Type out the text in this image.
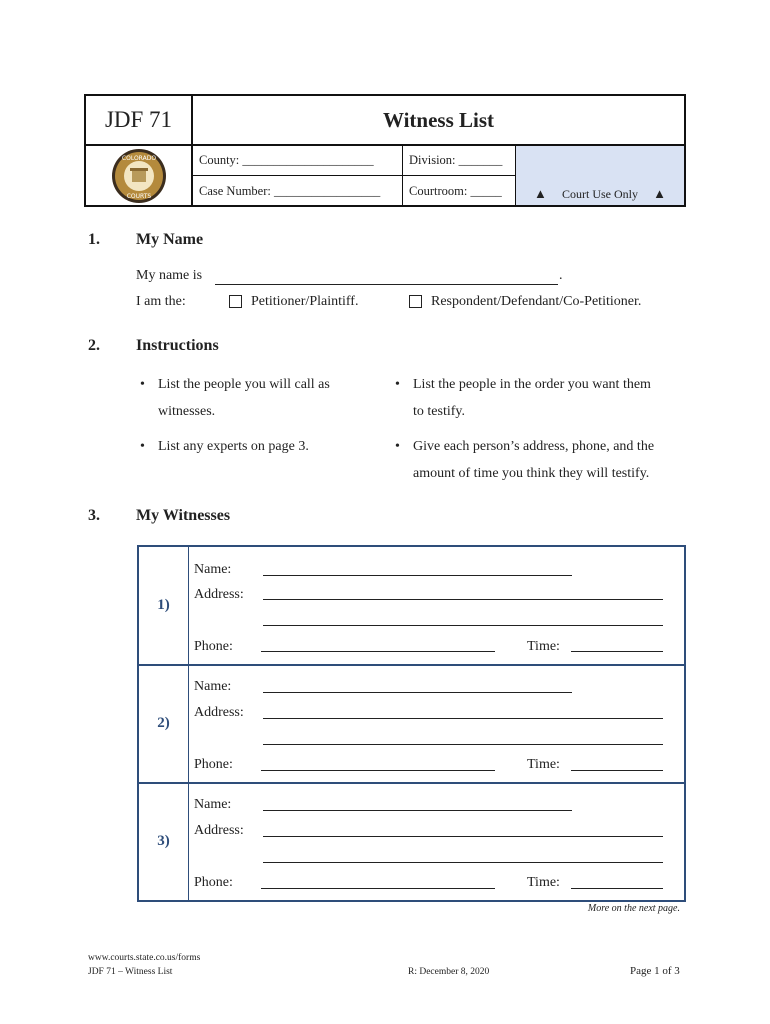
JDF 71	Witness List
COLORADO
COURTS
County: _____________________	Division: _______
Case Number: _________________	Courtroom: _____	▲	Court Use Only	▲
1. My Name
My name is	.
I am the:	Petitioner/Plaintiff.	Respondent/Defendant/Co-Petitioner.
2. Instructions
• List the people you will call as
witnesses.
• List the people in the order you want them
to testify.
• List any experts on page 3.	• Give each person’s address, phone, and the
amount of time you think they will testify.
3. My Witnesses
1)
Name:
Address:
Phone:	Time:
2)
Name:
Address:
Phone:	Time:
3)
Name:
Address:
Phone:	Time:
More on the next page.
www.courts.state.co.us/forms
JDF 71 – Witness List	R: December 8, 2020	Page 1 of 3
